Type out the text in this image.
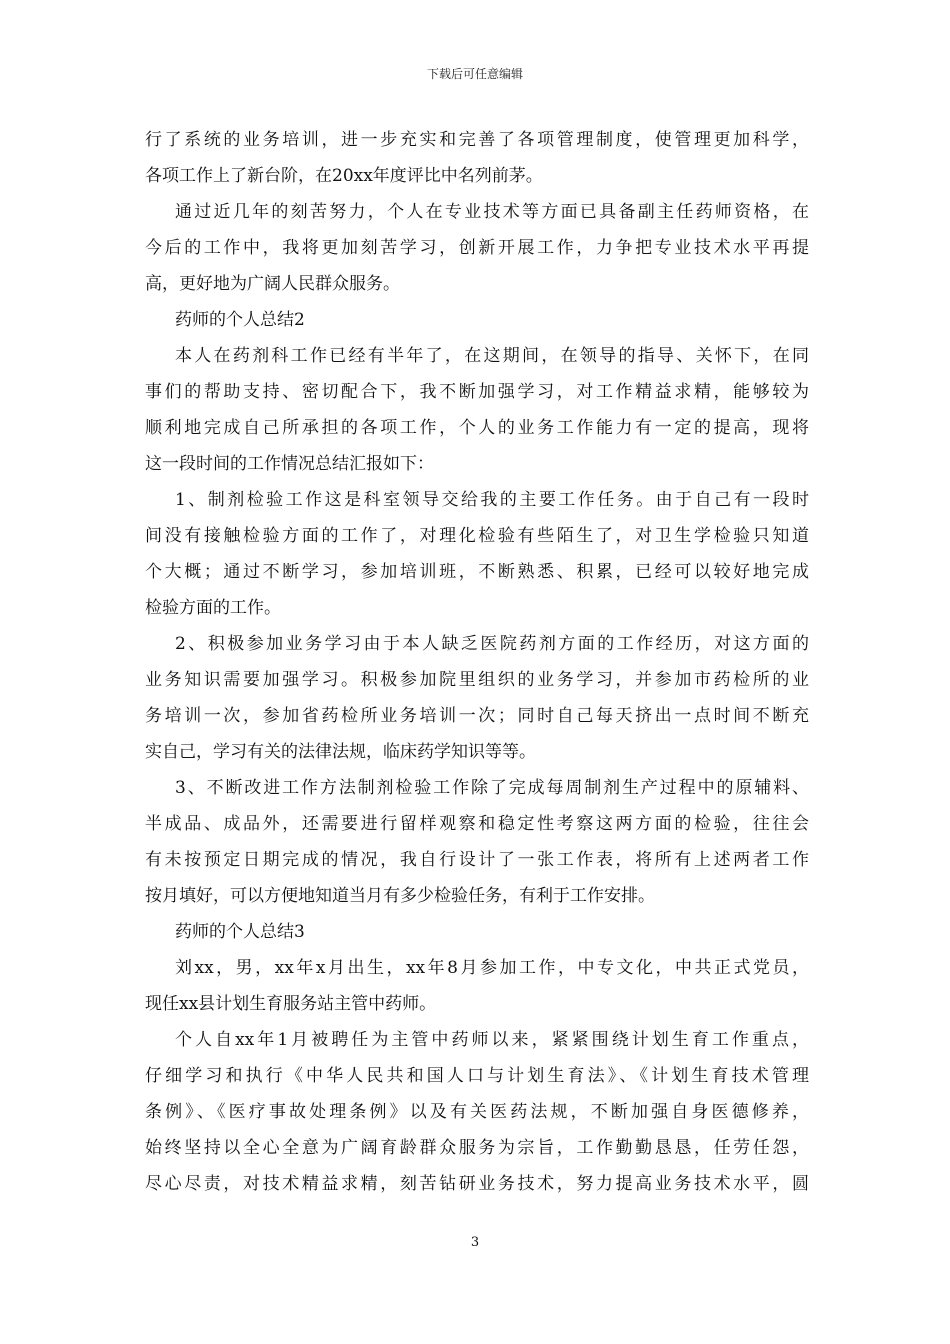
下载后可任意编辑
行了系统的业务培训，进一步充实和完善了各项管理制度，使管理更加科学，
各项工作上了新台阶，在20xx年度评比中名列前茅。
通过近几年的刻苦努力，个人在专业技术等方面已具备副主任药师资格，在
今后的工作中，我将更加刻苦学习，创新开展工作，力争把专业技术水平再提
高，更好地为广阔人民群众服务。
药师的个人总结2
本人在药剂科工作已经有半年了，在这期间，在领导的指导、关怀下，在同
事们的帮助支持、密切配合下，我不断加强学习，对工作精益求精，能够较为
顺利地完成自己所承担的各项工作，个人的业务工作能力有一定的提高，现将
这一段时间的工作情况总结汇报如下：
1、制剂检验工作这是科室领导交给我的主要工作任务。由于自己有一段时
间没有接触检验方面的工作了，对理化检验有些陌生了，对卫生学检验只知道
个大概；通过不断学习，参加培训班，不断熟悉、积累，已经可以较好地完成
检验方面的工作。
2、积极参加业务学习由于本人缺乏医院药剂方面的工作经历，对这方面的
业务知识需要加强学习。积极参加院里组织的业务学习，并参加市药检所的业
务培训一次，参加省药检所业务培训一次；同时自己每天挤出一点时间不断充
实自己，学习有关的法律法规，临床药学知识等等。
3、不断改进工作方法制剂检验工作除了完成每周制剂生产过程中的原辅料、
半成品、成品外，还需要进行留样观察和稳定性考察这两方面的检验，往往会
有未按预定日期完成的情况，我自行设计了一张工作表，将所有上述两者工作
按月填好，可以方便地知道当月有多少检验任务，有利于工作安排。
药师的个人总结3
刘xx，男，xx年x月出生，xx年8月参加工作，中专文化，中共正式党员，
现任xx县计划生育服务站主管中药师。
个人自xx年1月被聘任为主管中药师以来，紧紧围绕计划生育工作重点，
仔细学习和执行《中华人民共和国人口与计划生育法》、《计划生育技术管理
条例》、《医疗事故处理条例》以及有关医药法规，不断加强自身医德修养，
始终坚持以全心全意为广阔育龄群众服务为宗旨，工作勤勤恳恳，任劳任怨，
尽心尽责，对技术精益求精，刻苦钻研业务技术，努力提高业务技术水平，圆
3
